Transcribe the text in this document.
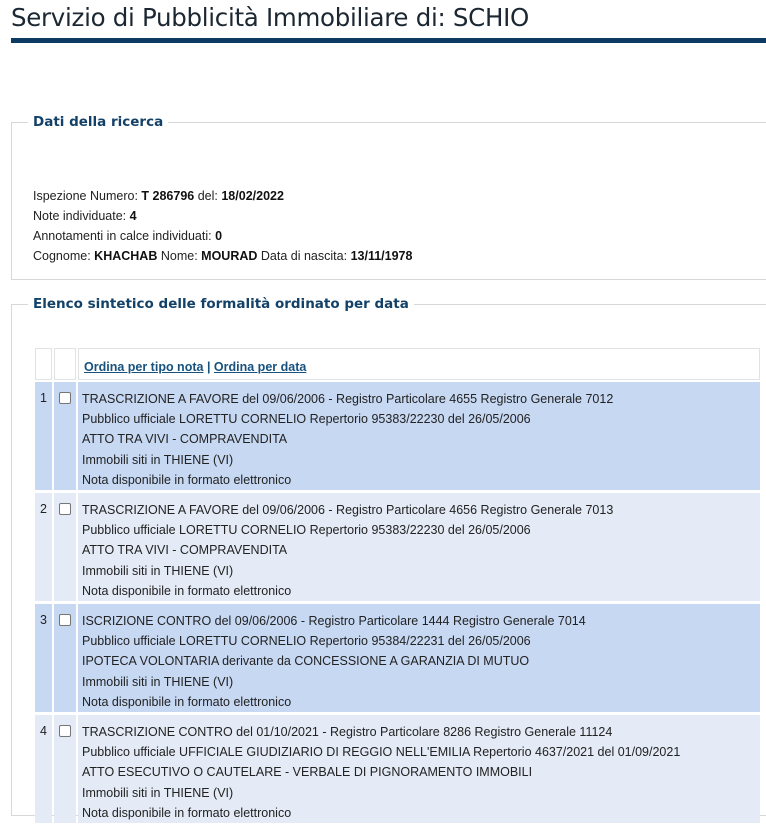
Servizio di Pubblicità Immobiliare di: SCHIO
Dati della ricerca
Ispezione Numero: T 286796 del: 18/02/2022
Note individuate: 4
Annotamenti in calce individuati: 0
Cognome: KHACHAB Nome: MOURAD Data di nascita: 13/11/1978
Elenco sintetico delle formalità ordinato per data
Ordina per tipo nota | Ordina per data
1	TRASCRIZIONE A FAVORE del 09/06/2006 - Registro Particolare 4655 Registro Generale 7012
Pubblico ufficiale LORETTU CORNELIO Repertorio 95383/22230 del 26/05/2006
ATTO TRA VIVI - COMPRAVENDITA
Immobili siti in THIENE (VI)
Nota disponibile in formato elettronico
2	TRASCRIZIONE A FAVORE del 09/06/2006 - Registro Particolare 4656 Registro Generale 7013
Pubblico ufficiale LORETTU CORNELIO Repertorio 95383/22230 del 26/05/2006
ATTO TRA VIVI - COMPRAVENDITA
Immobili siti in THIENE (VI)
Nota disponibile in formato elettronico
3	ISCRIZIONE CONTRO del 09/06/2006 - Registro Particolare 1444 Registro Generale 7014
Pubblico ufficiale LORETTU CORNELIO Repertorio 95384/22231 del 26/05/2006
IPOTECA VOLONTARIA derivante da CONCESSIONE A GARANZIA DI MUTUO
Immobili siti in THIENE (VI)
Nota disponibile in formato elettronico
4	TRASCRIZIONE CONTRO del 01/10/2021 - Registro Particolare 8286 Registro Generale 11124
Pubblico ufficiale UFFICIALE GIUDIZIARIO DI REGGIO NELL'EMILIA Repertorio 4637/2021 del 01/09/2021
ATTO ESECUTIVO O CAUTELARE - VERBALE DI PIGNORAMENTO IMMOBILI
Immobili siti in THIENE (VI)
Nota disponibile in formato elettronico
